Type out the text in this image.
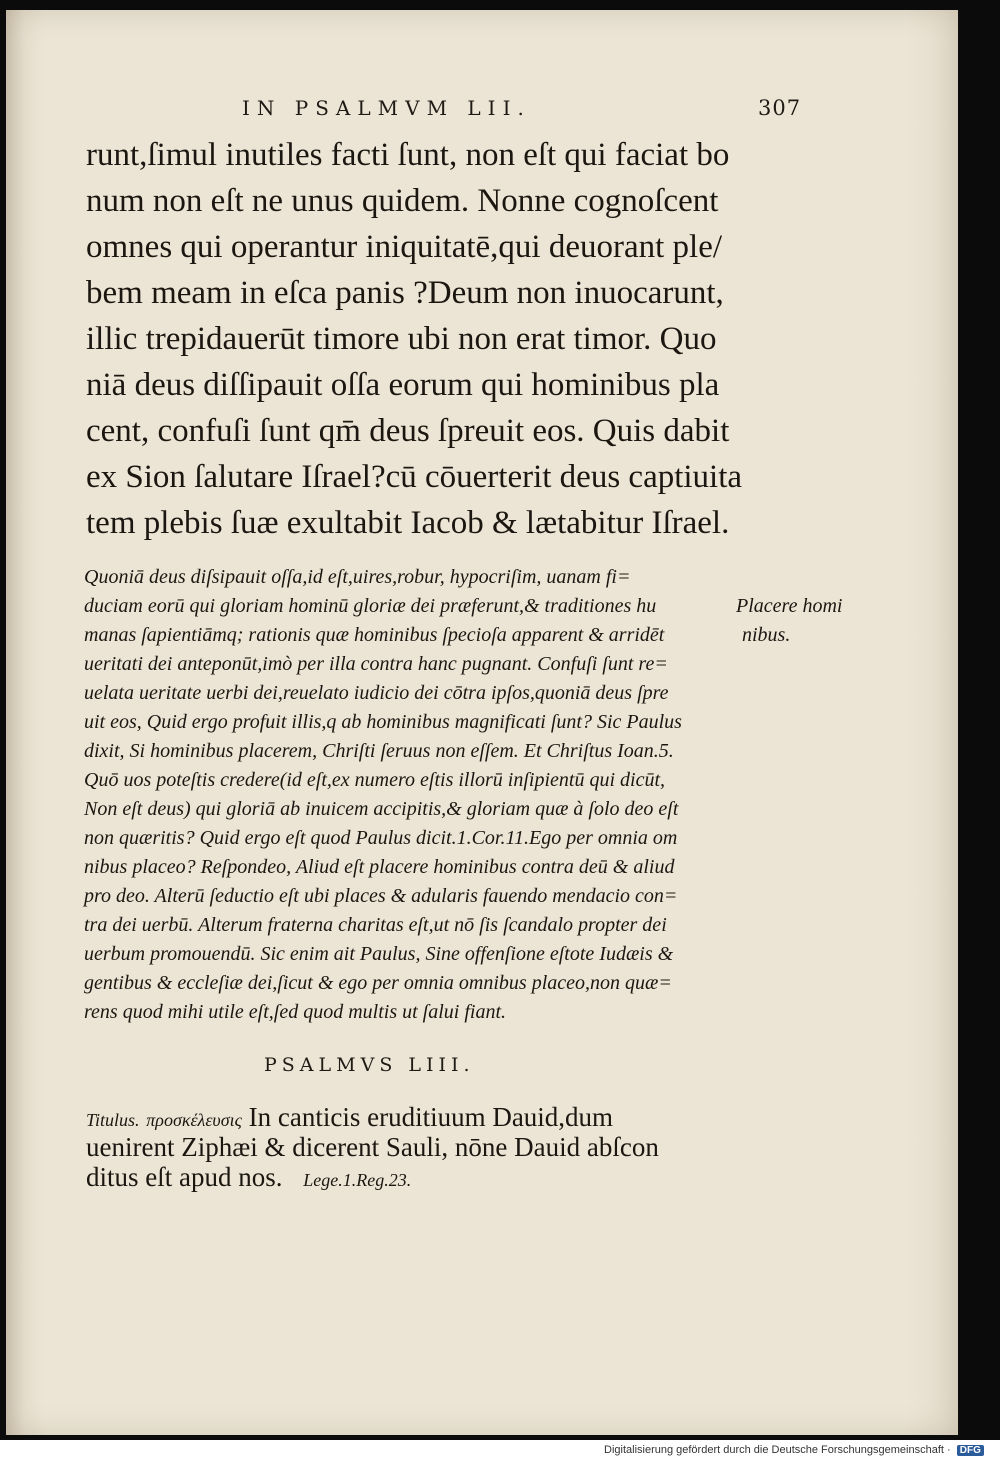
IN PSALMVM LII.	307
runt,ſimul inutiles facti ſunt, non eſt qui faciat bo
num non eſt ne unus quidem. Nonne cognoſcent
omnes qui operantur iniquitatē,qui deuorant ple/
bem meam in eſca panis ?Deum non inuocarunt,
illic trepidauerūt timore ubi non erat timor. Quo
niā deus diſſipauit oſſa eorum qui hominibus pla
cent, confuſi ſunt qm̄ deus ſpreuit eos. Quis dabit
ex Sion ſalutare Iſrael?cū cōuerterit deus captiuita
tem plebis ſuæ exultabit Iacob & lætabitur Iſrael.
Quoniā deus diſsipauit oſſa,id eſt,uires,robur, hypocriſim, uanam fi=
duciam eorū qui gloriam hominū gloriæ dei præferunt,& traditiones hu
manas ſapientiāmq; rationis quæ hominibus ſpecioſa apparent & arridēt
ueritati dei anteponūt,imò per illa contra hanc pugnant. Confuſi ſunt re=
uelata ueritate uerbi dei,reuelato iudicio dei cōtra ipſos,quoniā deus ſpre
uit eos, Quid ergo profuit illis,q ab hominibus magnificati ſunt? Sic Paulus
dixit, Si hominibus placerem, Chriſti ſeruus non eſſem. Et Chriſtus Ioan.5.
Quō uos poteſtis credere(id eſt,ex numero eſtis illorū inſipientū qui dicūt,
Non eſt deus) qui gloriā ab inuicem accipitis,& gloriam quæ à ſolo deo eſt
non quæritis? Quid ergo eſt quod Paulus dicit.1.Cor.11.Ego per omnia om
nibus placeo? Reſpondeo, Aliud eſt placere hominibus contra deū & aliud
pro deo. Alterū ſeductio eſt ubi places & adularis fauendo mendacio con=
tra dei uerbū. Alterum fraterna charitas eſt,ut nō ſis ſcandalo propter dei
uerbum promouendū. Sic enim ait Paulus, Sine offenſione eſtote Iudæis &
gentibus & eccleſiæ dei,ſicut & ego per omnia omnibus placeo,non quæ=
rens quod mihi utile eſt,ſed quod multis ut ſalui fiant.
Placere homi
nibus.
PSALMVS LIII.
Titulus. προσκέλευσις In canticis eruditiuum Dauid,dum
uenirent Ziphæi & dicerent Sauli, nōne Dauid abſcon
ditus eſt apud nos. Lege.1.Reg.23.
Digitalisierung gefördert durch die Deutsche Forschungsgemeinschaft · DFG
